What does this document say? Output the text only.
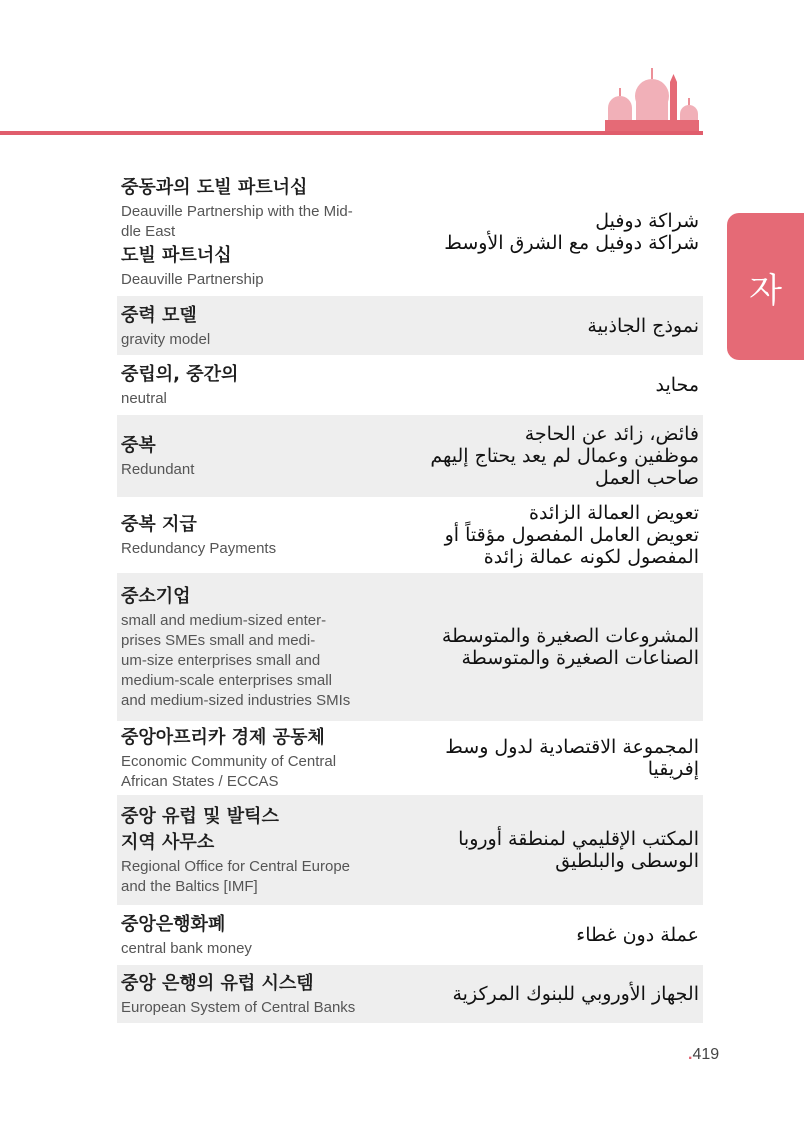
자
중동과의 도빌 파트너십
Deauville Partnership with the Mid-
dle East
도빌 파트너십
Deauville Partnership
شراكة دوفيل
شراكة دوفيل مع الشرق الأوسط
중력 모델
gravity model
نموذج الجاذبية
중립의, 중간의
neutral
محايد
중복
Redundant
فائض، زائد عن الحاجة
موظفين وعمال لم يعد يحتاج إليهم
صاحب العمل
중복 지급
Redundancy Payments
تعويض العمالة الزائدة
تعويض العامل المفصول مؤقتاً أو
المفصول لكونه عمالة زائدة
중소기업
small and medium-sized enter-
prises SMEs small and medi-
um-size enterprises small and
medium-scale enterprises small
and medium-sized industries SMIs
المشروعات الصغيرة والمتوسطة
الصناعات الصغيرة والمتوسطة
중앙아프리카 경제 공동체
Economic Community of Central
African States / ECCAS
المجموعة الاقتصادية لدول وسط
إفريقيا
중앙 유럽 및 발틱스
지역 사무소
Regional Office for Central Europe
and the Baltics [IMF]
المكتب الإقليمي لمنطقة أوروبا
الوسطى والبلطيق
중앙은행화폐
central bank money
عملة دون غطاء
중앙 은행의 유럽 시스템
European System of Central Banks
الجهاز الأوروبي للبنوك المركزية
.419
